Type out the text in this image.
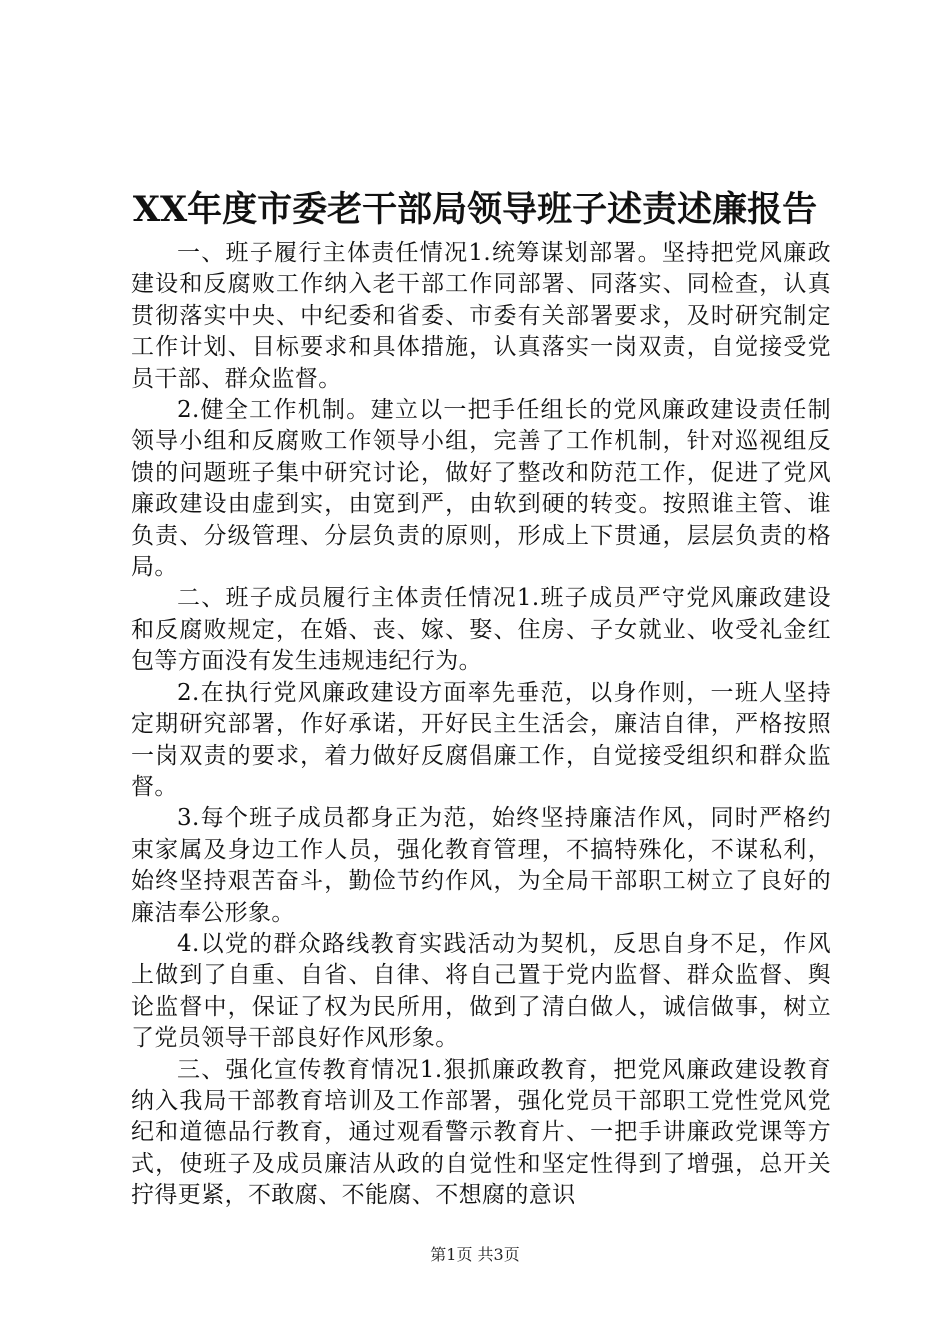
XX年度市委老干部局领导班子述责述廉报告

一、班子履行主体责任情况1.统筹谋划部署。坚持把党风廉政建设和反腐败工作纳入老干部工作同部署、同落实、同检查，认真贯彻落实中央、中纪委和省委、市委有关部署要求，及时研究制定工作计划、目标要求和具体措施，认真落实一岗双责，自觉接受党员干部、群众监督。

2.健全工作机制。建立以一把手任组长的党风廉政建设责任制领导小组和反腐败工作领导小组，完善了工作机制，针对巡视组反馈的问题班子集中研究讨论，做好了整改和防范工作，促进了党风廉政建设由虚到实，由宽到严，由软到硬的转变。按照谁主管、谁负责、分级管理、分层负责的原则，形成上下贯通，层层负责的格局。

二、班子成员履行主体责任情况1.班子成员严守党风廉政建设和反腐败规定，在婚、丧、嫁、娶、住房、子女就业、收受礼金红包等方面没有发生违规违纪行为。

2.在执行党风廉政建设方面率先垂范，以身作则，一班人坚持定期研究部署，作好承诺，开好民主生活会，廉洁自律，严格按照一岗双责的要求，着力做好反腐倡廉工作，自觉接受组织和群众监督。

3.每个班子成员都身正为范，始终坚持廉洁作风，同时严格约束家属及身边工作人员，强化教育管理，不搞特殊化，不谋私利，始终坚持艰苦奋斗，勤俭节约作风，为全局干部职工树立了良好的廉洁奉公形象。

4.以党的群众路线教育实践活动为契机，反思自身不足，作风上做到了自重、自省、自律、将自己置于党内监督、群众监督、舆论监督中，保证了权为民所用，做到了清白做人，诚信做事，树立了党员领导干部良好作风形象。

三、强化宣传教育情况1.狠抓廉政教育，把党风廉政建设教育纳入我局干部教育培训及工作部署，强化党员干部职工党性党风党纪和道德品行教育，通过观看警示教育片、一把手讲廉政党课等方式，使班子及成员廉洁从政的自觉性和坚定性得到了增强，总开关拧得更紧，不敢腐、不能腐、不想腐的意识

第1页 共3页
